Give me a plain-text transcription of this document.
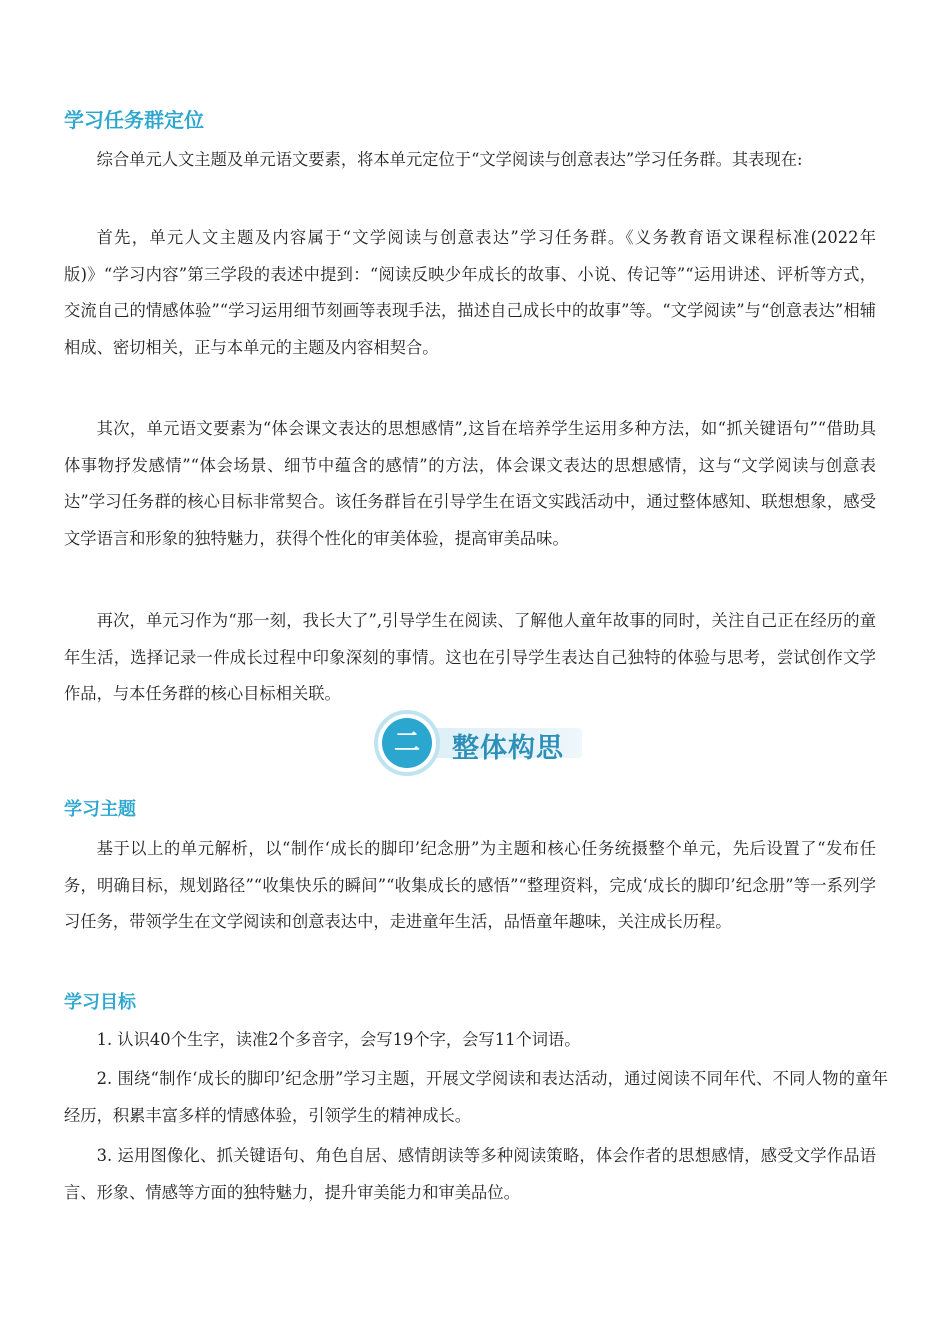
学习任务群定位

综合单元人文主题及单元语文要素，将本单元定位于“文学阅读与创意表达”学习任务群。其表现在:

首先，单元人文主题及内容属于“文学阅读与创意表达”学习任务群。《义务教育语文课程标准(2022年版)》“学习内容”第三学段的表述中提到：“阅读反映少年成长的故事、小说、传记等”“运用讲述、评析等方式，交流自己的情感体验”“学习运用细节刻画等表现手法，描述自己成长中的故事”等。“文学阅读”与“创意表达”相辅相成、密切相关，正与本单元的主题及内容相契合。

其次，单元语文要素为“体会课文表达的思想感情”,这旨在培养学生运用多种方法，如“抓关键语句”“借助具体事物抒发感情”“体会场景、细节中蕴含的感情”的方法，体会课文表达的思想感情，这与“文学阅读与创意表达”学习任务群的核心目标非常契合。该任务群旨在引导学生在语文实践活动中，通过整体感知、联想想象，感受文学语言和形象的独特魅力，获得个性化的审美体验，提高审美品味。

再次，单元习作为“那一刻，我长大了”,引导学生在阅读、了解他人童年故事的同时，关注自己正在经历的童年生活，选择记录一件成长过程中印象深刻的事情。这也在引导学生表达自己独特的体验与思考，尝试创作文学作品，与本任务群的核心目标相关联。

二	整体构思
学习主题

基于以上的单元解析，以“制作‘成长的脚印’纪念册”为主题和核心任务统摄整个单元，先后设置了“发布任务，明确目标，规划路径”“收集快乐的瞬间”“收集成长的感悟”“整理资料，完成‘成长的脚印’纪念册”等一系列学习任务，带领学生在文学阅读和创意表达中，走进童年生活，品悟童年趣味，关注成长历程。

学习目标

1. 认识40个生字，读准2个多音字，会写19个字，会写11个词语。

2. 围绕“制作‘成长的脚印’纪念册”学习主题，开展文学阅读和表达活动，通过阅读不同年代、不同人物的童年经历，积累丰富多样的情感体验，引领学生的精神成长。

3. 运用图像化、抓关键语句、角色自居、感情朗读等多种阅读策略，体会作者的思想感情，感受文学作品语言、形象、情感等方面的独特魅力，提升审美能力和审美品位。
